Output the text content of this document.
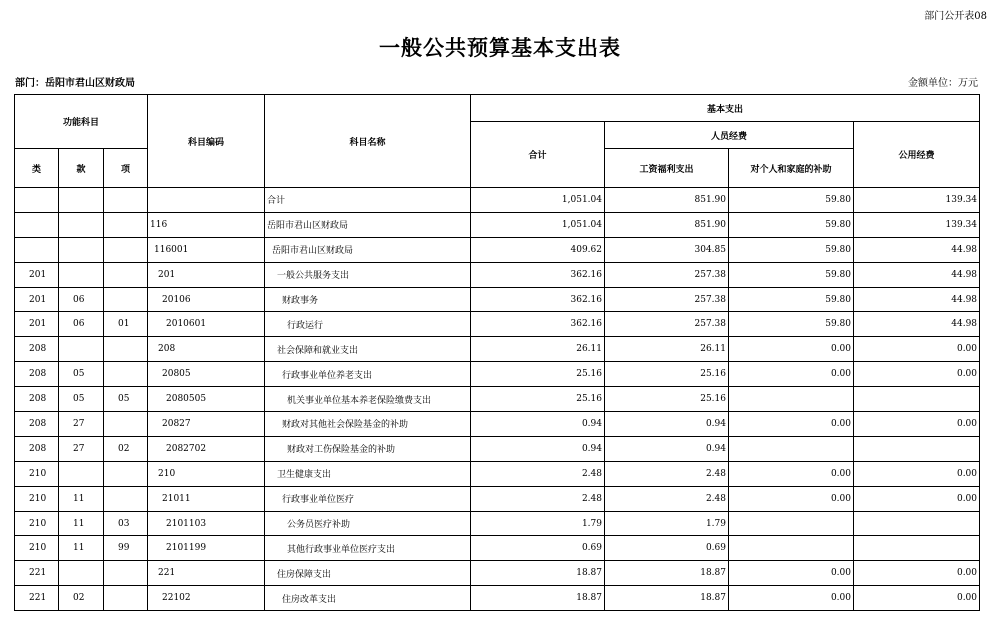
部门公开表08
一般公共预算基本支出表
部门：岳阳市君山区财政局	金额单位：万元
功能科目			科目编码	科目名称	基本支出			
					合计	人员经费		公用经费
类	款	项				工资福利支出	对个人和家庭的补助	
				合计	1,051.04	851.90	59.80	139.34
			116	岳阳市君山区财政局	1,051.04	851.90	59.80	139.34
			116001	岳阳市君山区财政局	409.62	304.85	59.80	44.98
201			201	一般公共服务支出	362.16	257.38	59.80	44.98
201	06		20106	财政事务	362.16	257.38	59.80	44.98
201	06	01	2010601	行政运行	362.16	257.38	59.80	44.98
208			208	社会保障和就业支出	26.11	26.11	0.00	0.00
208	05		20805	行政事业单位养老支出	25.16	25.16	0.00	0.00
208	05	05	2080505	机关事业单位基本养老保险缴费支出	25.16	25.16		
208	27		20827	财政对其他社会保险基金的补助	0.94	0.94	0.00	0.00
208	27	02	2082702	财政对工伤保险基金的补助	0.94	0.94		
210			210	卫生健康支出	2.48	2.48	0.00	0.00
210	11		21011	行政事业单位医疗	2.48	2.48	0.00	0.00
210	11	03	2101103	公务员医疗补助	1.79	1.79		
210	11	99	2101199	其他行政事业单位医疗支出	0.69	0.69		
221			221	住房保障支出	18.87	18.87	0.00	0.00
221	02		22102	住房改革支出	18.87	18.87	0.00	0.00
